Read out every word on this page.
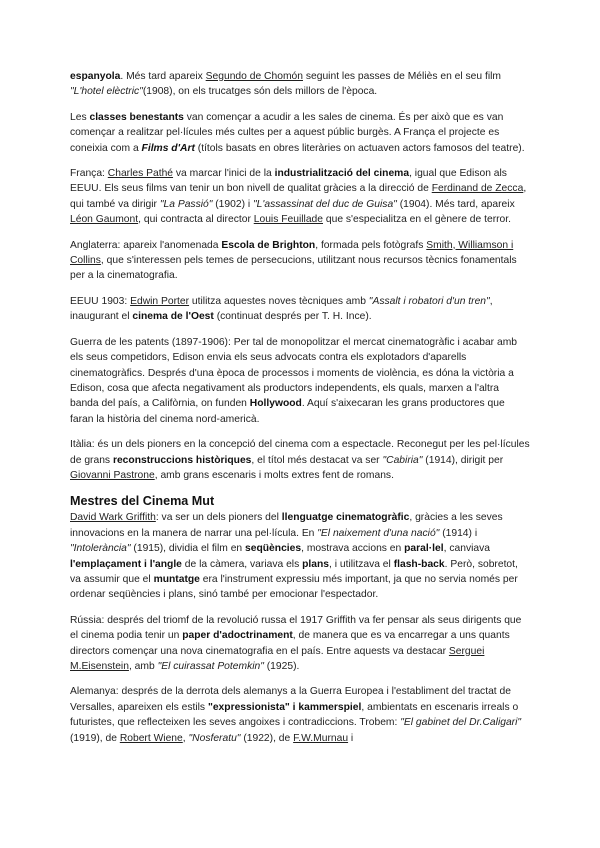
espanyola. Més tard apareix Segundo de Chomón seguint les passes de Méliès en el seu film "L'hotel elèctric"(1908), on els trucatges són dels millors de l'època.

Les classes benestants van començar a acudir a les sales de cinema. És per això que es van començar a realitzar pel·lícules més cultes per a aquest públic burgès. A França el projecte es coneixia com a Films d'Art (títols basats en obres literàries on actuaven actors famosos del teatre).

França: Charles Pathé va marcar l'inici de la industrialització del cinema, igual que Edison als EEUU. Els seus films van tenir un bon nivell de qualitat gràcies a la direcció de Ferdinand de Zecca, qui també va dirigir "La Passió" (1902) i "L'assassinat del duc de Guisa" (1904). Més tard, apareix Léon Gaumont, qui contracta al director Louis Feuillade que s'especialitza en el gènere de terror.

Anglaterra: apareix l'anomenada Escola de Brighton, formada pels fotògrafs Smith, Williamson i Collins, que s'interessen pels temes de persecucions, utilitzant nous recursos tècnics fonamentals per a la cinematografia.

EEUU 1903: Edwin Porter utilitza aquestes noves tècniques amb "Assalt i robatori d'un tren", inaugurant el cinema de l'Oest (continuat després per T. H. Ince).

Guerra de les patents (1897-1906): Per tal de monopolitzar el mercat cinematogràfic i acabar amb els seus competidors, Edison envia els seus advocats contra els explotadors d'aparells cinematogràfics. Després d'una època de processos i moments de violència, es dóna la victòria a Edison, cosa que afecta negativament als productors independents, els quals, marxen a l'altra banda del país, a Califòrnia, on funden Hollywood. Aquí s'aixecaran les grans productores que faran la història del cinema nord-americà.

Itàlia: és un dels pioners en la concepció del cinema com a espectacle. Reconegut per les pel·lícules de grans reconstruccions històriques, el títol més destacat va ser "Cabiria" (1914), dirigit per Giovanni Pastrone, amb grans escenaris i molts extres fent de romans.

Mestres del Cinema Mut

David Wark Griffith: va ser un dels pioners del llenguatge cinematogràfic, gràcies a les seves innovacions en la manera de narrar una pel·lícula. En "El naixement d'una nació" (1914) i "Intolerància" (1915), dividia el film en seqüències, mostrava accions en paral·lel, canviava l'emplaçament i l'angle de la càmera, variava els plans, i utilitzava el flash-back. Però, sobretot, va assumir que el muntatge era l'instrument expressiu més important, ja que no servia només per ordenar seqüències i plans, sinó també per emocionar l'espectador.

Rússia: després del triomf de la revolució russa el 1917 Griffith va fer pensar als seus dirigents que el cinema podia tenir un paper d'adoctrinament, de manera que es va encarregar a uns quants directors començar una nova cinematografia en el país. Entre aquests va destacar Serguei M.Eisenstein, amb "El cuirassat Potemkin" (1925).

Alemanya: després de la derrota dels alemanys a la Guerra Europea i l'establiment del tractat de Versalles, apareixen els estils "expressionista" i kammerspiel, ambientats en escenaris irreals o futuristes, que reflecteixen les seves angoixes i contradiccions. Trobem: "El gabinet del Dr.Caligari"(1919), de Robert Wiene, "Nosferatu" (1922), de F.W.Murnau i
